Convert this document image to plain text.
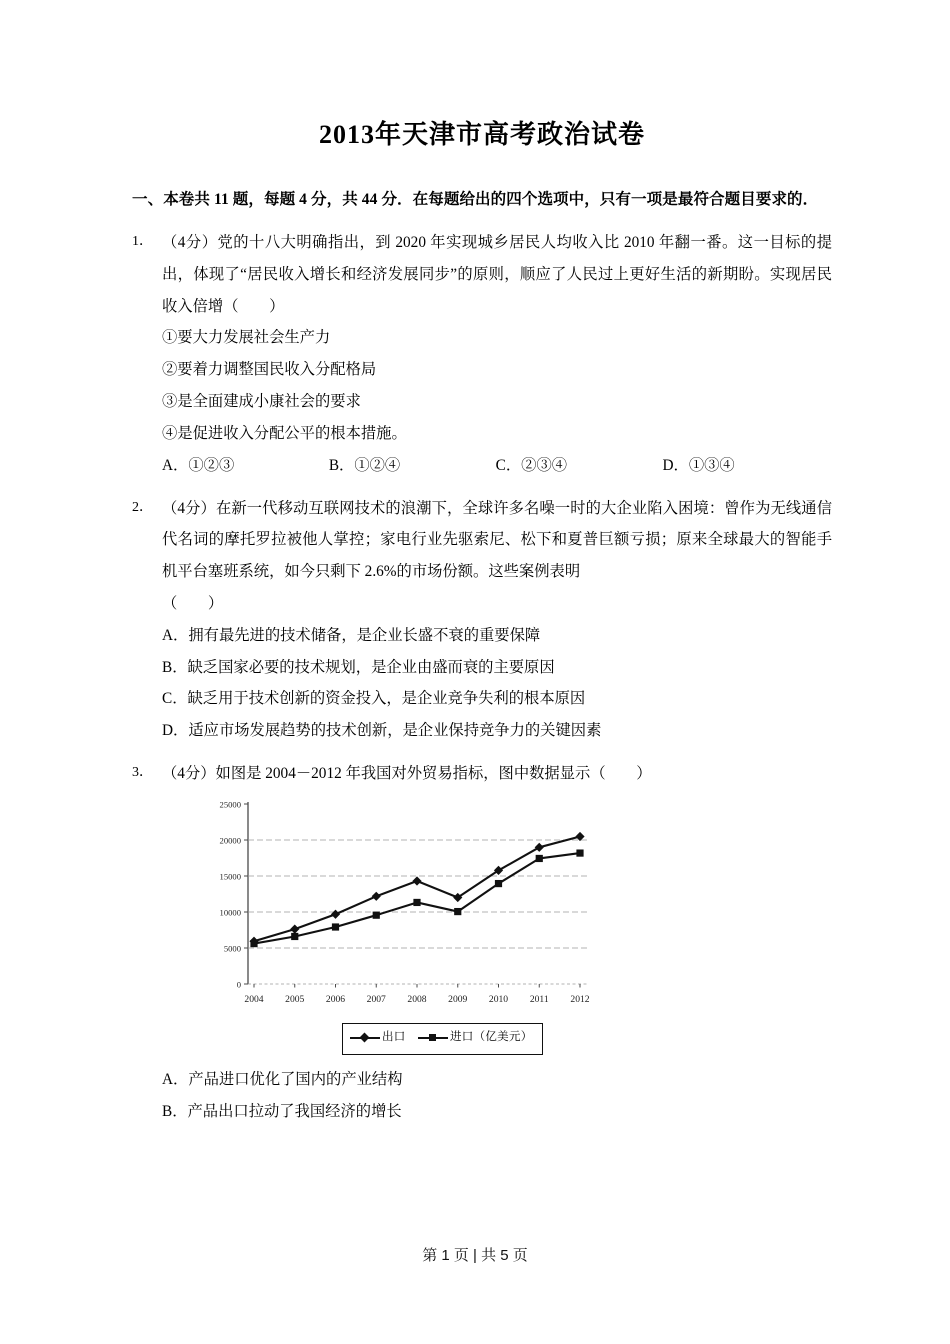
2013年天津市高考政治试卷
一、本卷共 11 题，每题 4 分，共 44 分．在每题给出的四个选项中，只有一项是最符合题目要求的．
1． （4分）党的十八大明确指出，到 2020 年实现城乡居民人均收入比 2010 年翻一番。这一目标的提出，体现了“居民收入增长和经济发展同步”的原则，顺应了人民过上更好生活的新期盼。实现居民收入倍增（　　）
①要大力发展社会生产力
②要着力调整国民收入分配格局
③是全面建成小康社会的要求
④是促进收入分配公平的根本措施。
A．①②③	B．①②④	C．②③④	D．①③④
2． （4分）在新一代移动互联网技术的浪潮下，全球许多名噪一时的大企业陷入困境：曾作为无线通信代名词的摩托罗拉被他人掌控；家电行业先驱索尼、松下和夏普巨额亏损；原来全球最大的智能手机平台塞班系统，如今只剩下 2.6%的市场份额。这些案例表明
（　　）
A．拥有最先进的技术储备，是企业长盛不衰的重要保障
B．缺乏国家必要的技术规划，是企业由盛而衰的主要原因
C．缺乏用于技术创新的资金投入，是企业竞争失利的根本原因
D．适应市场发展趋势的技术创新，是企业保持竞争力的关键因素
3． （4分）如图是 2004－2012 年我国对外贸易指标，图中数据显示（　　）
0
5000
10000
15000
20000
25000
2004 2005 2006 2007 2008 2009 2010 2011 2012
出口	进口（亿美元）
A．产品进口优化了国内的产业结构
B．产品出口拉动了我国经济的增长
第 1 页 | 共 5 页
